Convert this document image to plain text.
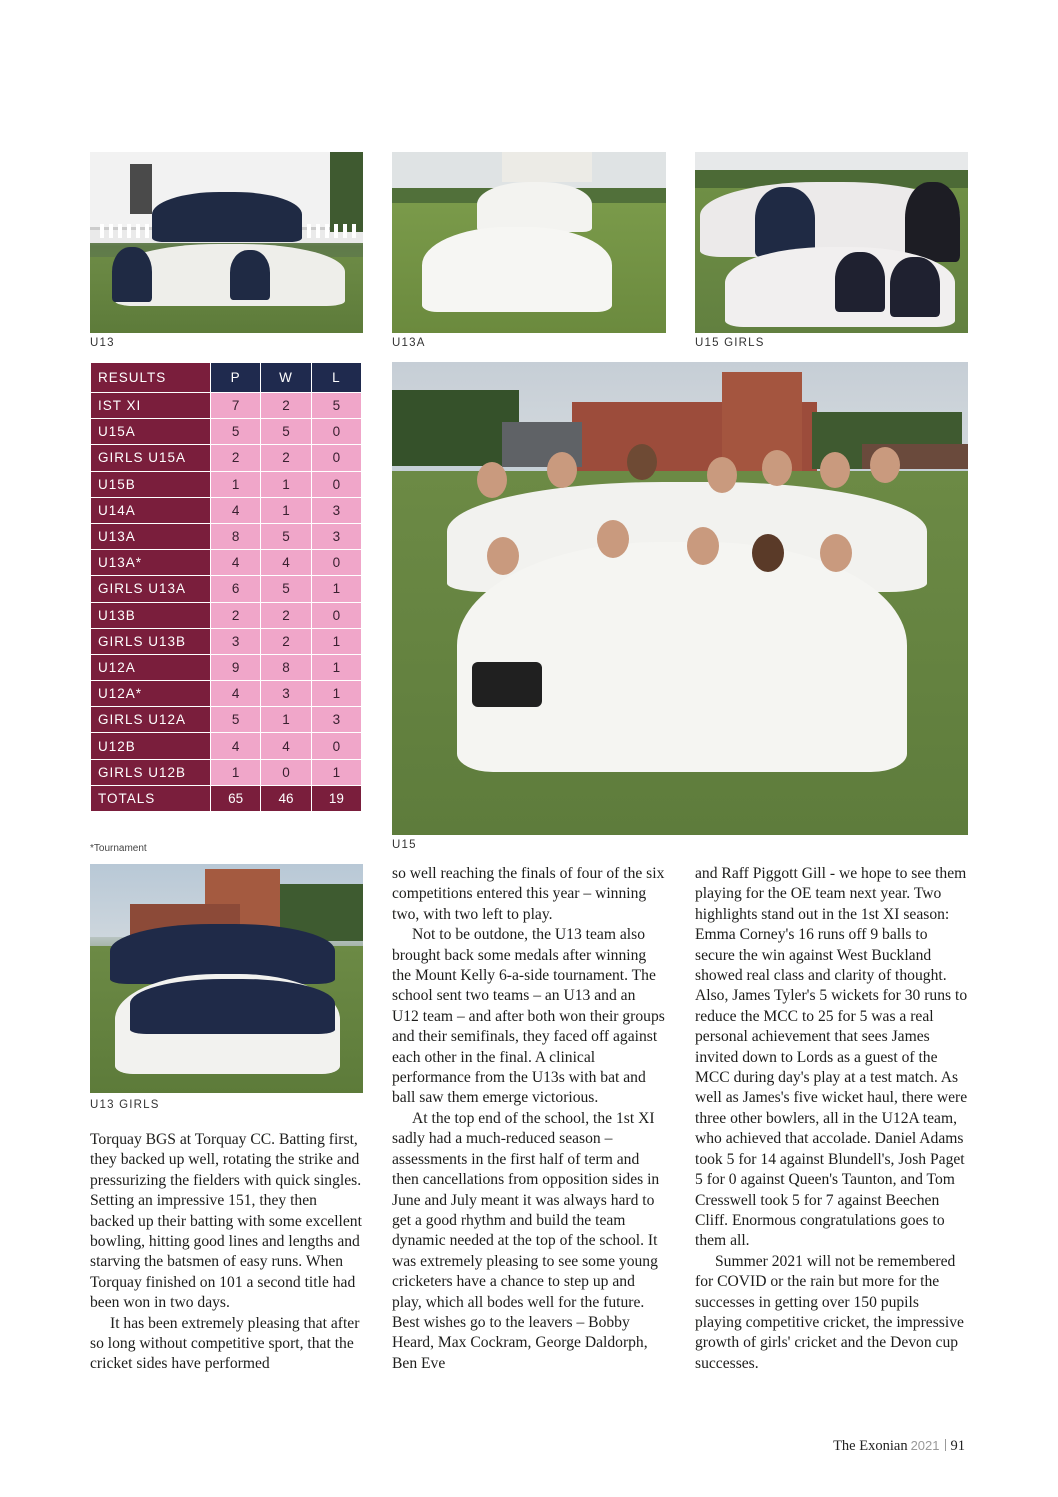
U13	U13A	U15 GIRLS
RESULTS	P	W	L
IST XI	7	2	5
U15A	5	5	0
GIRLS U15A	2	2	0
U15B	1	1	0
U14A	4	1	3
U13A	8	5	3
U13A*	4	4	0
GIRLS U13A	6	5	1
U13B	2	2	0
GIRLS U13B	3	2	1
U12A	9	8	1
U12A*	4	3	1
GIRLS U12A	5	1	3
U12B	4	4	0
GIRLS U12B	1	0	1
TOTALS	65	46	19
*Tournament	U15
U13 GIRLS

Torquay BGS at Torquay CC. Batting first, they backed up well, rotating the strike and pressurizing the fielders with quick singles. Setting an impressive 151, they then backed up their batting with some excellent bowling, hitting good lines and lengths and starving the batsmen of easy runs. When Torquay finished on 101 a second title had been won in two days.

It has been extremely pleasing that after so long without competitive sport, that the cricket sides have performed

so well reaching the finals of four of the six competitions entered this year – winning two, with two left to play.

Not to be outdone, the U13 team also brought back some medals after winning the Mount Kelly 6-a-side tournament. The school sent two teams – an U13 and an U12 team – and after both won their groups and their semifinals, they faced off against each other in the final. A clinical performance from the U13s with bat and ball saw them emerge victorious.

At the top end of the school, the 1st XI sadly had a much-reduced season – assessments in the first half of term and then cancellations from opposition sides in June and July meant it was always hard to get a good rhythm and build the team dynamic needed at the top of the school. It was extremely pleasing to see some young cricketers have a chance to step up and play, which all bodes well for the future. Best wishes go to the leavers – Bobby Heard, Max Cockram, George Daldorph, Ben Eve

and Raff Piggott Gill - we hope to see them playing for the OE team next year. Two highlights stand out in the 1st XI season: Emma Corney's 16 runs off 9 balls to secure the win against West Buckland showed real class and clarity of thought. Also, James Tyler's 5 wickets for 30 runs to reduce the MCC to 25 for 5 was a real personal achievement that sees James invited down to Lords as a guest of the MCC during day's play at a test match. As well as James's five wicket haul, there were three other bowlers, all in the U12A team, who achieved that accolade. Daniel Adams took 5 for 14 against Blundell's, Josh Paget 5 for 0 against Queen's Taunton, and Tom Cresswell took 5 for 7 against Beechen Cliff. Enormous congratulations goes to them all.

Summer 2021 will not be remembered for COVID or the rain but more for the successes in getting over 150 pupils playing competitive cricket, the impressive growth of girls' cricket and the Devon cup successes.

The Exonian 2021 91
